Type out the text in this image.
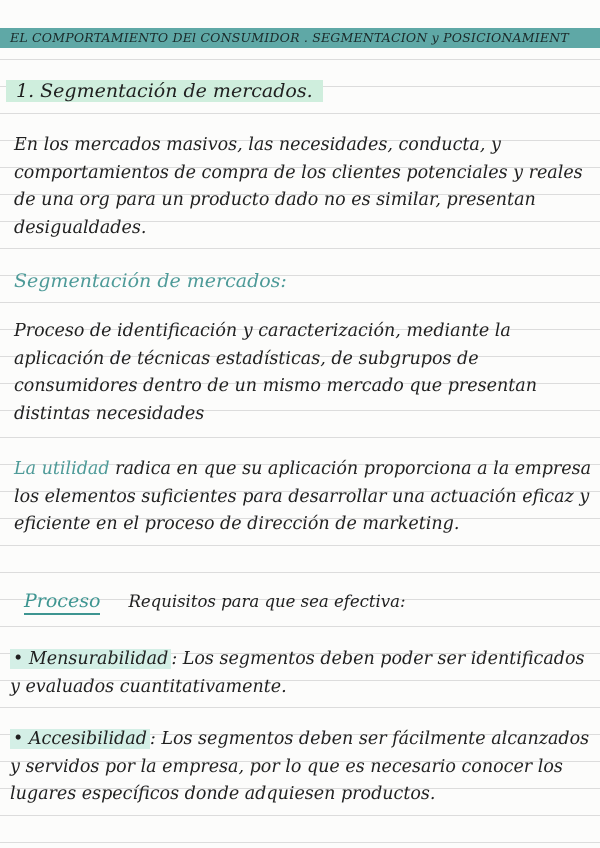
EL COMPORTAMIENTO DEl CONSUMIDOR . SEGMENTACION y POSICIONAMIENT
1. Segmentación de mercados.

En los mercados masivos, las necesidades, conducta, y comportamientos de compra de los clientes potenciales y reales de una org para un producto dado no es similar, presentan desigualdades.

Segmentación de mercados:

Proceso de identificación y caracterización, mediante la aplicación de técnicas estadísticas, de subgrupos de consumidores dentro de un mismo mercado que presentan distintas necesidades

La utilidad radica en que su aplicación proporciona a la empresa los elementos suficientes para desarrollar una actuación eficaz y eficiente en el proceso de dirección de marketing.

Proceso Requisitos para que sea efectiva:

• Mensurabilidad : Los segmentos deben poder ser identificados y evaluados cuantitativamente.

• Accesibilidad : Los segmentos deben ser fácilmente alcanzados y servidos por la empresa, por lo que es necesario conocer los lugares específicos donde adquiesen productos.
